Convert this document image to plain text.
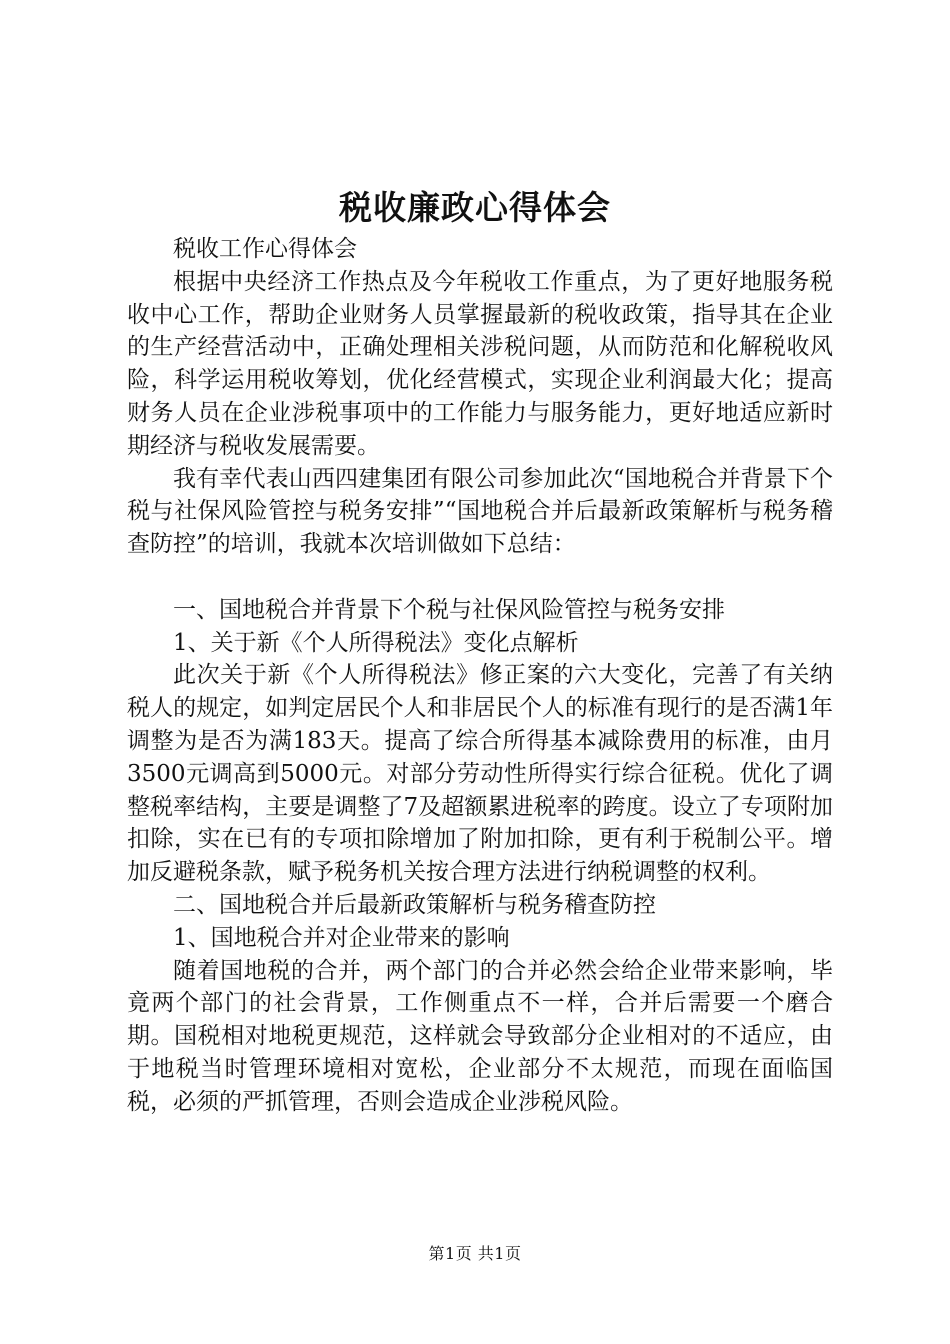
税收廉政心得体会

税收工作心得体会

根据中央经济工作热点及今年税收工作重点，为了更好地服务税收中心工作，帮助企业财务人员掌握最新的税收政策，指导其在企业的生产经营活动中，正确处理相关涉税问题，从而防范和化解税收风险，科学运用税收筹划，优化经营模式，实现企业利润最大化；提高财务人员在企业涉税事项中的工作能力与服务能力，更好地适应新时期经济与税收发展需要。

我有幸代表山西四建集团有限公司参加此次“国地税合并背景下个税与社保风险管控与税务安排”“国地税合并后最新政策解析与税务稽查防控”的培训，我就本次培训做如下总结：

一、国地税合并背景下个税与社保风险管控与税务安排

1、关于新《个人所得税法》变化点解析

此次关于新《个人所得税法》修正案的六大变化，完善了有关纳税人的规定，如判定居民个人和非居民个人的标准有现行的是否满1年调整为是否为满183天。提高了综合所得基本减除费用的标准，由月3500元调高到5000元。对部分劳动性所得实行综合征税。优化了调整税率结构，主要是调整了7及超额累进税率的跨度。设立了专项附加扣除，实在已有的专项扣除增加了附加扣除，更有利于税制公平。增加反避税条款，赋予税务机关按合理方法进行纳税调整的权利。

二、国地税合并后最新政策解析与税务稽查防控

1、国地税合并对企业带来的影响

随着国地税的合并，两个部门的合并必然会给企业带来影响，毕竟两个部门的社会背景，工作侧重点不一样，合并后需要一个磨合期。国税相对地税更规范，这样就会导致部分企业相对的不适应，由于地税当时管理环境相对宽松，企业部分不太规范，而现在面临国税，必须的严抓管理，否则会造成企业涉税风险。

第1页 共1页
